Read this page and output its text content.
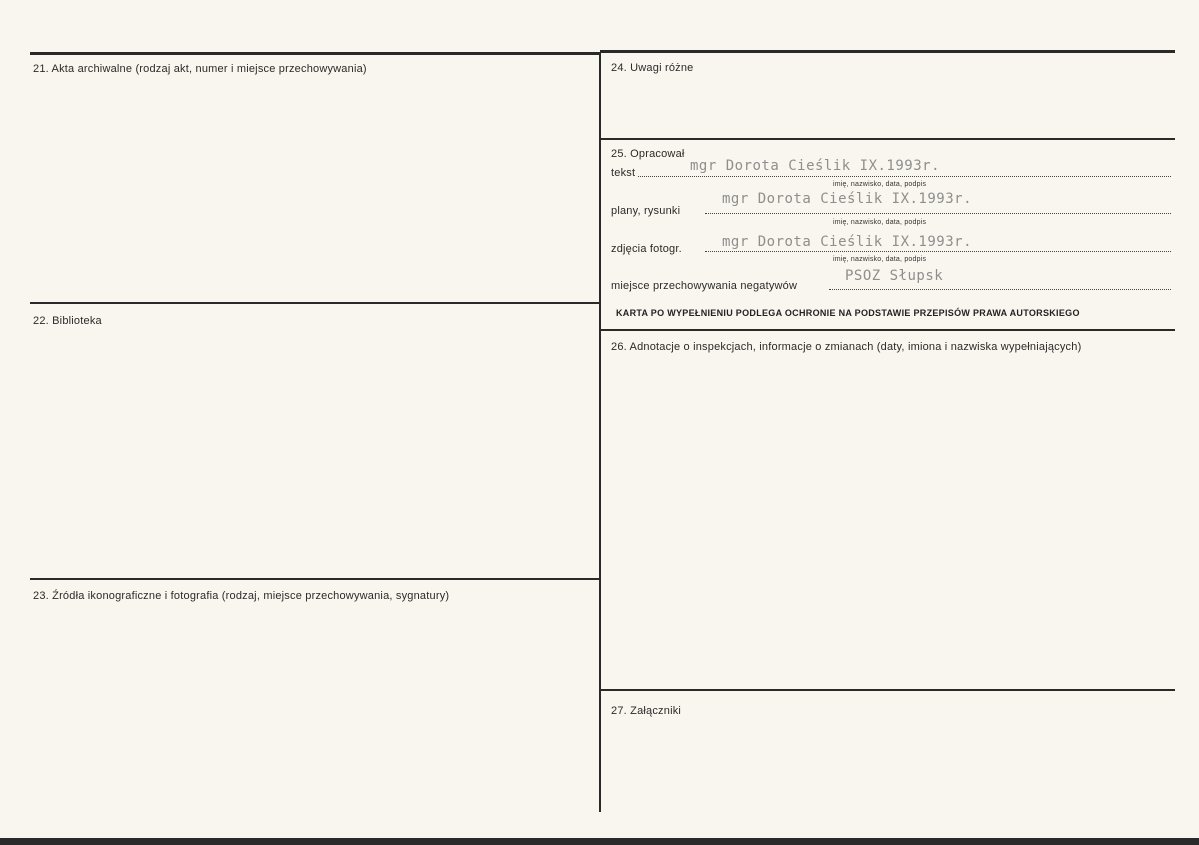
21. Akta archiwalne (rodzaj akt, numer i miejsce przechowywania)
22. Biblioteka
23. Źródła ikonograficzne i fotografia (rodzaj, miejsce przechowywania, sygnatury)
24. Uwagi różne
25. Opracował
26. Adnotacje o inspekcjach, informacje o zmianach (daty, imiona i nazwiska wypełniających)
27. Załączniki
tekst	mgr Dorota Cieślik IX.1993r.
imię, nazwisko, data, podpis
plany, rysunki
mgr Dorota Cieślik IX.1993r.
imię, nazwisko, data, podpis
zdjęcia fotogr.	mgr Dorota Cieślik IX.1993r.
imię, nazwisko, data, podpis
miejsce przechowywania negatywów
PSOZ Słupsk
KARTA PO WYPEŁNIENIU PODLEGA OCHRONIE NA PODSTAWIE PRZEPISÓW PRAWA AUTORSKIEGO
